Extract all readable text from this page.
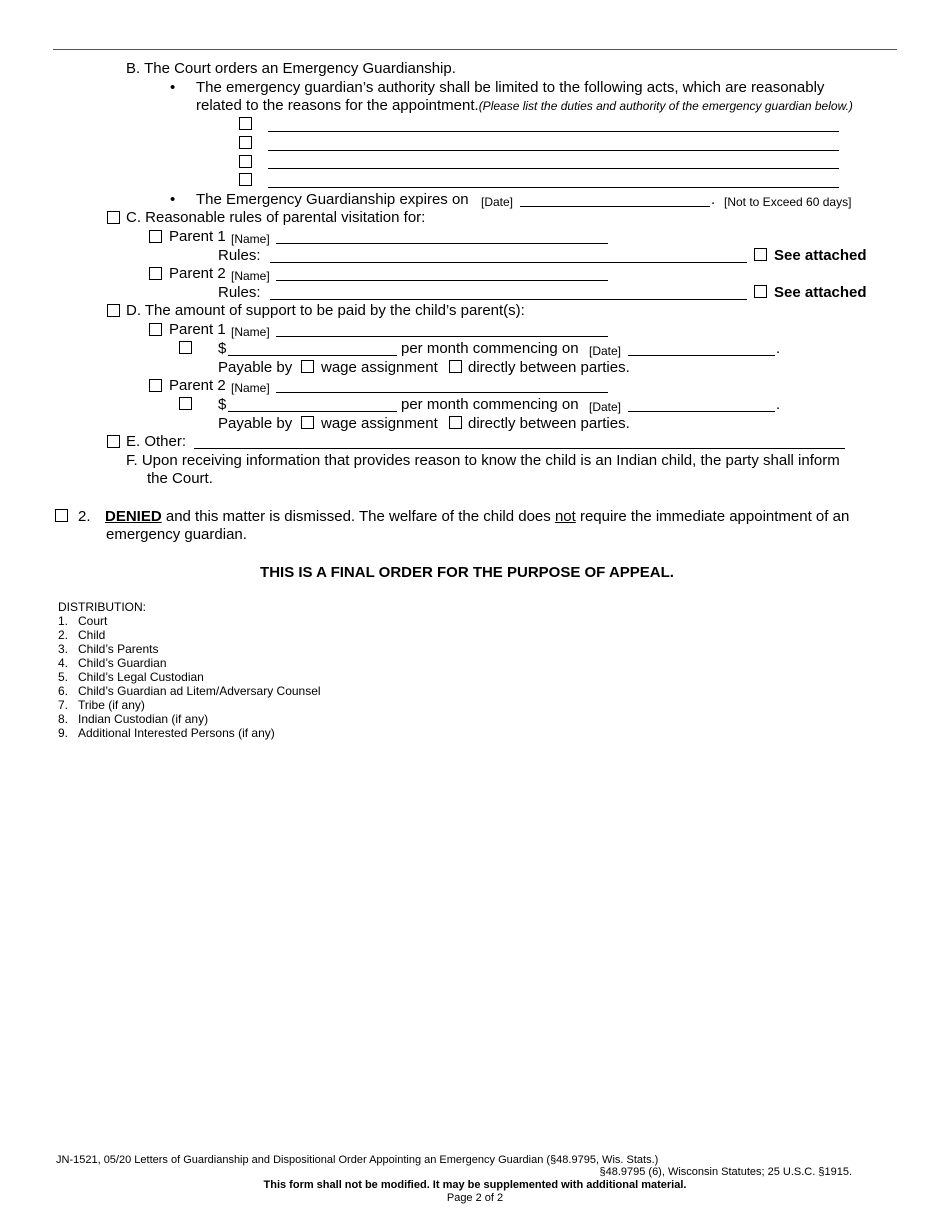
B. The Court orders an Emergency Guardianship.
• The emergency guardian’s authority shall be limited to the following acts, which are reasonably
related to the reasons for the appointment.(Please list the duties and authority of the emergency guardian below.)
• The Emergency Guardianship expires on [Date]	. [Not to Exceed 60 days]
C. Reasonable rules of parental visitation for:
Parent 1 [Name]
Rules:	See attached
Parent 2 [Name]
Rules:	See attached
D. The amount of support to be paid by the child’s parent(s):
Parent 1 [Name]
$	per month commencing on [Date]	.
Payable by wage assignment directly between parties.
Parent 2 [Name]
$	per month commencing on [Date]	.
Payable by wage assignment directly between parties.
E. Other:
F. Upon receiving information that provides reason to know the child is an Indian child, the party shall inform
the Court.
2. DENIED and this matter is dismissed. The welfare of the child does not require the immediate appointment of an
emergency guardian.
THIS IS A FINAL ORDER FOR THE PURPOSE OF APPEAL.
DISTRIBUTION:
1. Court
2. Child
3. Child’s Parents
4. Child’s Guardian
5. Child’s Legal Custodian
6. Child’s Guardian ad Litem/Adversary Counsel
7. Tribe (if any)
8. Indian Custodian (if any)
9. Additional Interested Persons (if any)
JN-1521, 05/20 Letters of Guardianship and Dispositional Order Appointing an Emergency Guardian (§48.9795, Wis. Stats.)
§48.9795 (6), Wisconsin Statutes; 25 U.S.C. §1915.
This form shall not be modified. It may be supplemented with additional material.
Page 2 of 2
